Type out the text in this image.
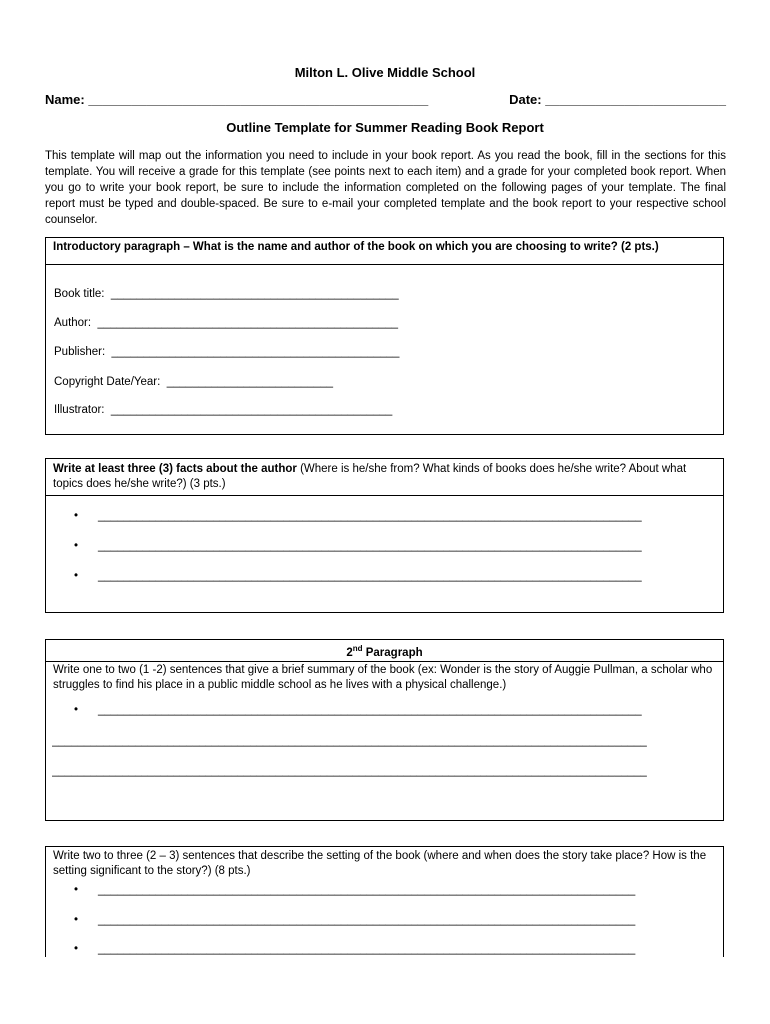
Milton L. Olive Middle School
Name: _______________________________________________	Date: _________________________
Outline Template for Summer Reading Book Report
This template will map out the information you need to include in your book report. As you read the book, fill in the sections for this template. You will receive a grade for this template (see points next to each item) and a grade for your completed book report. When you go to write your book report, be sure to include the information completed on the following pages of your template. The final report must be typed and double-spaced. Be sure to e-mail your completed template and the book report to your respective school counselor.
Introductory paragraph – What is the name and author of the book on which you are choosing to write? (2 pts.)
Book title: _____________________________________________
Author: _______________________________________________
Publisher: _____________________________________________
Copyright Date/Year: __________________________
Illustrator: ____________________________________________
Write at least three (3) facts about the author (Where is he/she from? What kinds of books does he/she write? About what topics does he/she write?) (3 pts.)
• _____________________________________________________________________________________
• _____________________________________________________________________________________
• _____________________________________________________________________________________
2nd Paragraph
Write one to two (1 -2) sentences that give a brief summary of the book (ex: Wonder is the story of Auggie Pullman, a scholar who struggles to find his place in a public middle school as he lives with a physical challenge.)
• _____________________________________________________________________________________
_____________________________________________________________________________________________
_____________________________________________________________________________________________
Write two to three (2 – 3) sentences that describe the setting of the book (where and when does the story take place? How is the setting significant to the story?) (8 pts.)
• ____________________________________________________________________________________
• ____________________________________________________________________________________
• ____________________________________________________________________________________
